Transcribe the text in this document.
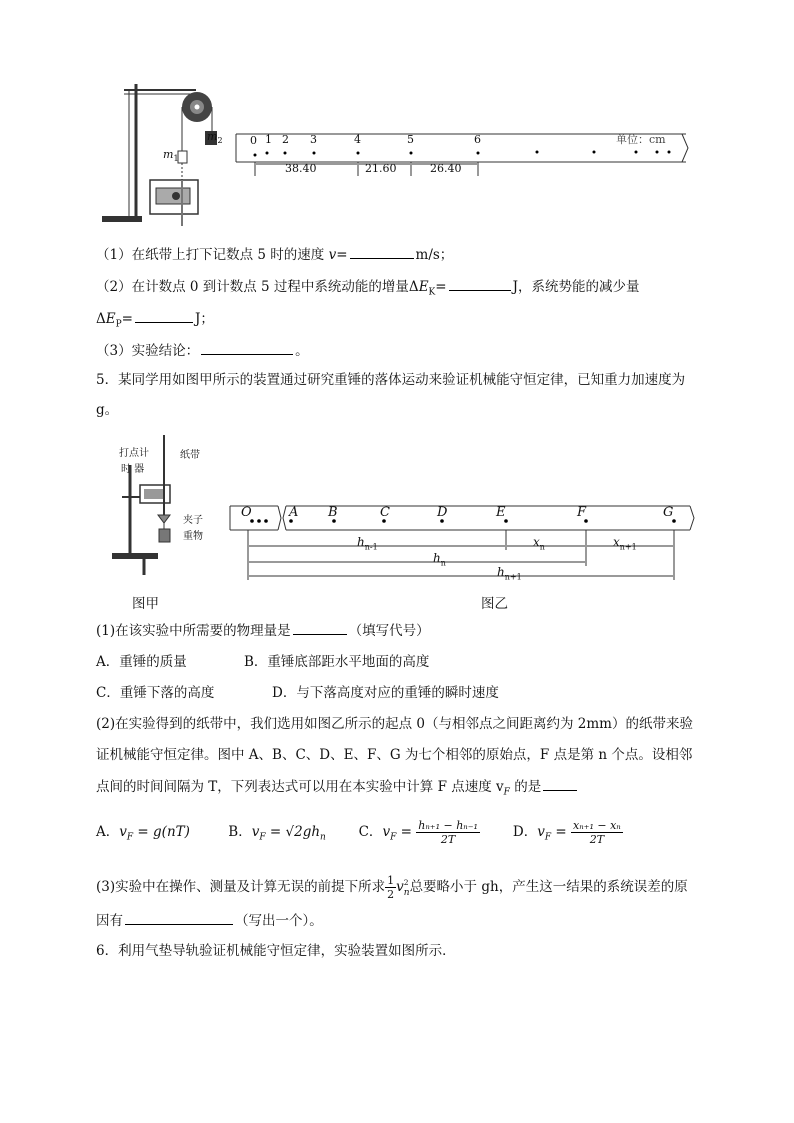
$m_1$
$m_2$ 0 1 2 3	4	5	6	单位：cm
38.40	21.60	26.40
（1）在纸带上打下记数点 5 时的速度 v=	m/s；
（2）在计数点 0 到计数点 5 过程中系统动能的增量$\Delta E_K=$	J，系统势能的减少量
$\Delta E_P=$	J；
（3）实验结论：	。
5．某同学用如图甲所示的装置通过研究重锤的落体运动来验证机械能守恒定律，已知重力加速度为
g。
打点计
时 器
纸带
夹子
重物
O	A B	C	D	E	F	G
$h_{n-1}$	$x_n$	$x_{n+1}$
$h_n$
$h_{n+1}$
图甲	图乙
(1)在该实验中所需要的物理量是	（填写代号）
A．重锤的质量	B．重锤底部距水平地面的高度
C．重锤下落的高度	D．与下落高度对应的重锤的瞬时速度
(2)在实验得到的纸带中，我们选用如图乙所示的起点 0（与相邻点之间距离约为 2mm）的纸带来验
证机械能守恒定律。图中 A、B、C、D、E、F、G 为七个相邻的原始点，F 点是第 n 个点。设相邻
点间的时间间隔为 T，下列表达式可以用在本实验中计算 F 点速度 $v_F$ 的是
A．$v_F = g(nT)$	B．$v_F = √2gh_n$ C．$v_F = \frac{\text{hₙ₊₁ − hₙ₋₁}}{2T}$ D．$v_F = \frac{\text{xₙ₊₁ − xₙ}}{2T}$
(3)实验中在操作、测量及计算无误的前提下所求 $\frac{1}{2}$ v 2
n 总要略小于 gh，产生这一结果的系统误差的原
因有	（写出一个）。
6．利用气垫导轨验证机械能守恒定律，实验装置如图所示．
